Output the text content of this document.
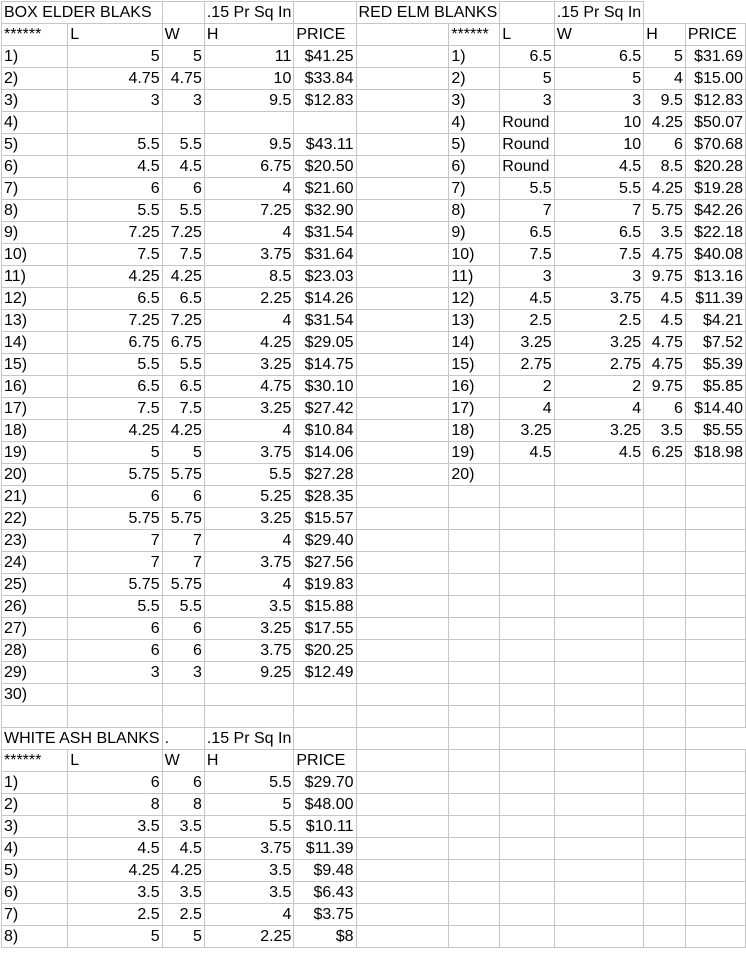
BOX ELDER BLAKS			.15 Pr Sq In		RED ELM BLANKS			.15 Pr Sq In		
******	L	W	H	PRICE		******	L	W	H	PRICE
1)	5	5	11	$41.25		1)	6.5	6.5	5	$31.69
2)	4.75	4.75	10	$33.84		2)	5	5	4	$15.00
3)	3	3	9.5	$12.83		3)	3	3	9.5	$12.83
4)						4)	Round	10	4.25	$50.07
5)	5.5	5.5	9.5	$43.11		5)	Round	10	6	$70.68
6)	4.5	4.5	6.75	$20.50		6)	Round	4.5	8.5	$20.28
7)	6	6	4	$21.60		7)	5.5	5.5	4.25	$19.28
8)	5.5	5.5	7.25	$32.90		8)	7	7	5.75	$42.26
9)	7.25	7.25	4	$31.54		9)	6.5	6.5	3.5	$22.18
10)	7.5	7.5	3.75	$31.64		10)	7.5	7.5	4.75	$40.08
11)	4.25	4.25	8.5	$23.03		11)	3	3	9.75	$13.16
12)	6.5	6.5	2.25	$14.26		12)	4.5	3.75	4.5	$11.39
13)	7.25	7.25	4	$31.54		13)	2.5	2.5	4.5	$4.21
14)	6.75	6.75	4.25	$29.05		14)	3.25	3.25	4.75	$7.52
15)	5.5	5.5	3.25	$14.75		15)	2.75	2.75	4.75	$5.39
16)	6.5	6.5	4.75	$30.10		16)	2	2	9.75	$5.85
17)	7.5	7.5	3.25	$27.42		17)	4	4	6	$14.40
18)	4.25	4.25	4	$10.84		18)	3.25	3.25	3.5	$5.55
19)	5	5	3.75	$14.06		19)	4.5	4.5	6.25	$18.98
20)	5.75	5.75	5.5	$27.28		20)				
21)	6	6	5.25	$28.35						
22)	5.75	5.75	3.25	$15.57						
23)	7	7	4	$29.40						
24)	7	7	3.75	$27.56						
25)	5.75	5.75	4	$19.83						
26)	5.5	5.5	3.5	$15.88						
27)	6	6	3.25	$17.55						
28)	6	6	3.75	$20.25						
29)	3	3	9.25	$12.49						
30)										

WHITE ASH BLANKS		.	.15 Pr Sq In							
******	L	W	H	PRICE						
1)	6	6	5.5	$29.70						
2)	8	8	5	$48.00						
3)	3.5	3.5	5.5	$10.11						
4)	4.5	4.5	3.75	$11.39						
5)	4.25	4.25	3.5	$9.48						
6)	3.5	3.5	3.5	$6.43						
7)	2.5	2.5	4	$3.75						
8)	5	5	2.25	$8						
